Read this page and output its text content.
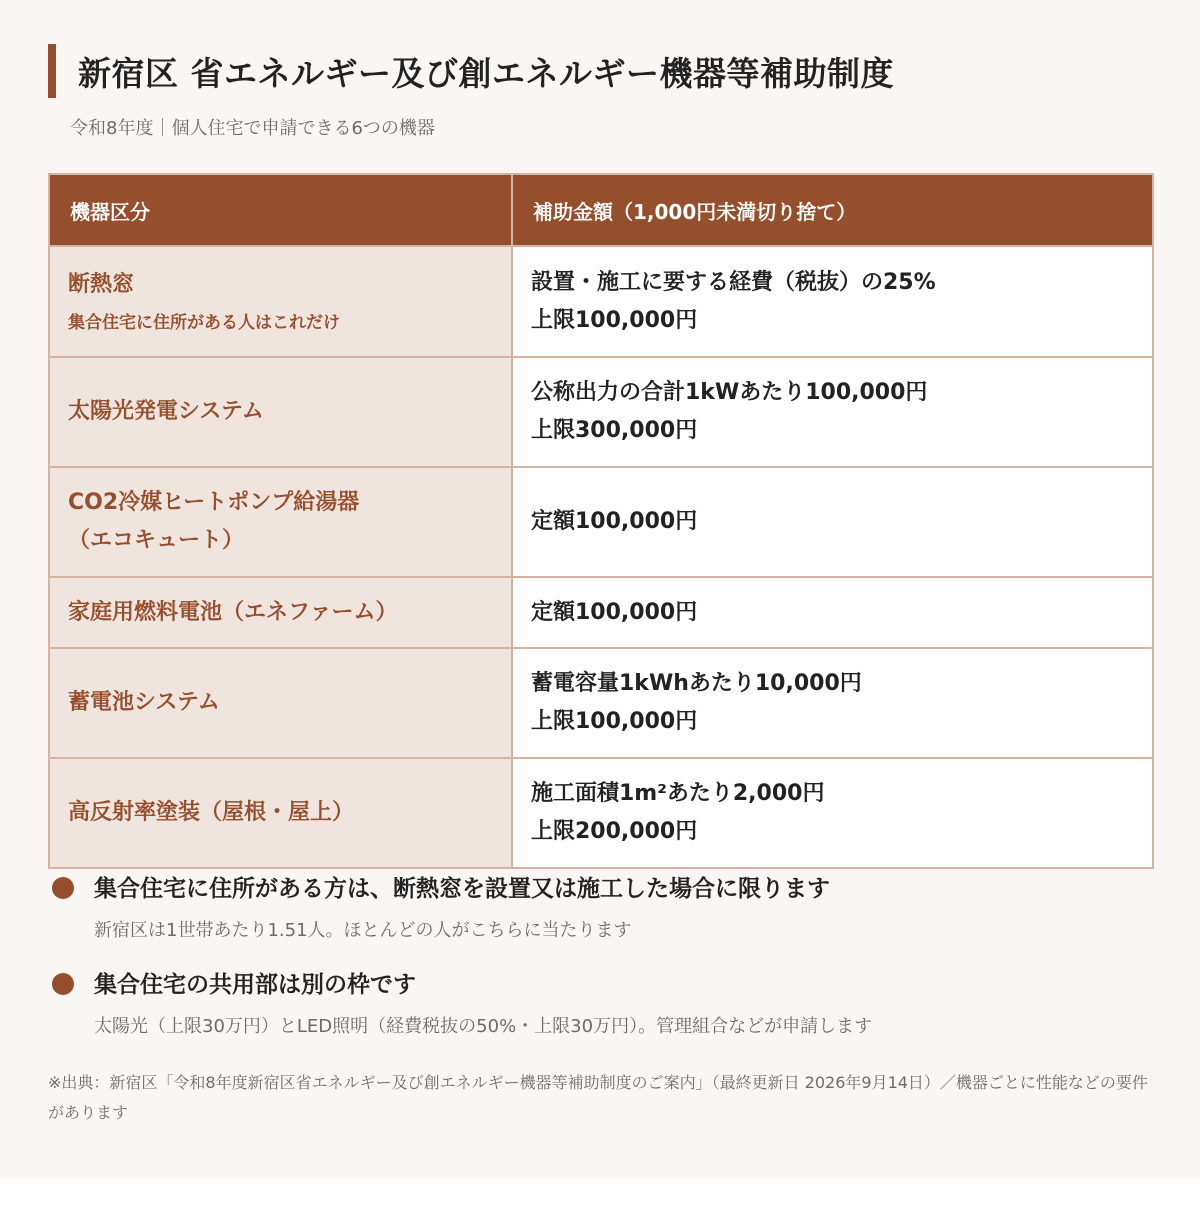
新宿区 省エネルギー及び創エネルギー機器等補助制度
令和8年度｜個人住宅で申請できる6つの機器
機器区分	補助金額（1,000円未満切り捨て）
断熱窓
集合住宅に住所がある人はこれだけ	設置・施工に要する経費（税抜）の25%
上限100,000円

太陽光発電システム	公称出力の合計1kWあたり100,000円
上限300,000円

CO2冷媒ヒートポンプ給湯器
（エコキュート）	定額100,000円

家庭用燃料電池（エネファーム）	定額100,000円

蓄電池システム	蓄電容量1kWhあたり10,000円
上限100,000円

高反射率塗装（屋根・屋上）	施工面積1m²あたり2,000円
上限200,000円
集合住宅に住所がある方は、断熱窓を設置又は施工した場合に限ります
新宿区は1世帯あたり1.51人。ほとんどの人がこちらに当たります
集合住宅の共用部は別の枠です
太陽光（上限30万円）とLED照明（経費税抜の50%・上限30万円）。管理組合などが申請します

※出典：新宿区「令和8年度新宿区省エネルギー及び創エネルギー機器等補助制度のご案内」（最終更新日 2026年9月14日）／機器ごとに性能などの要件があります
